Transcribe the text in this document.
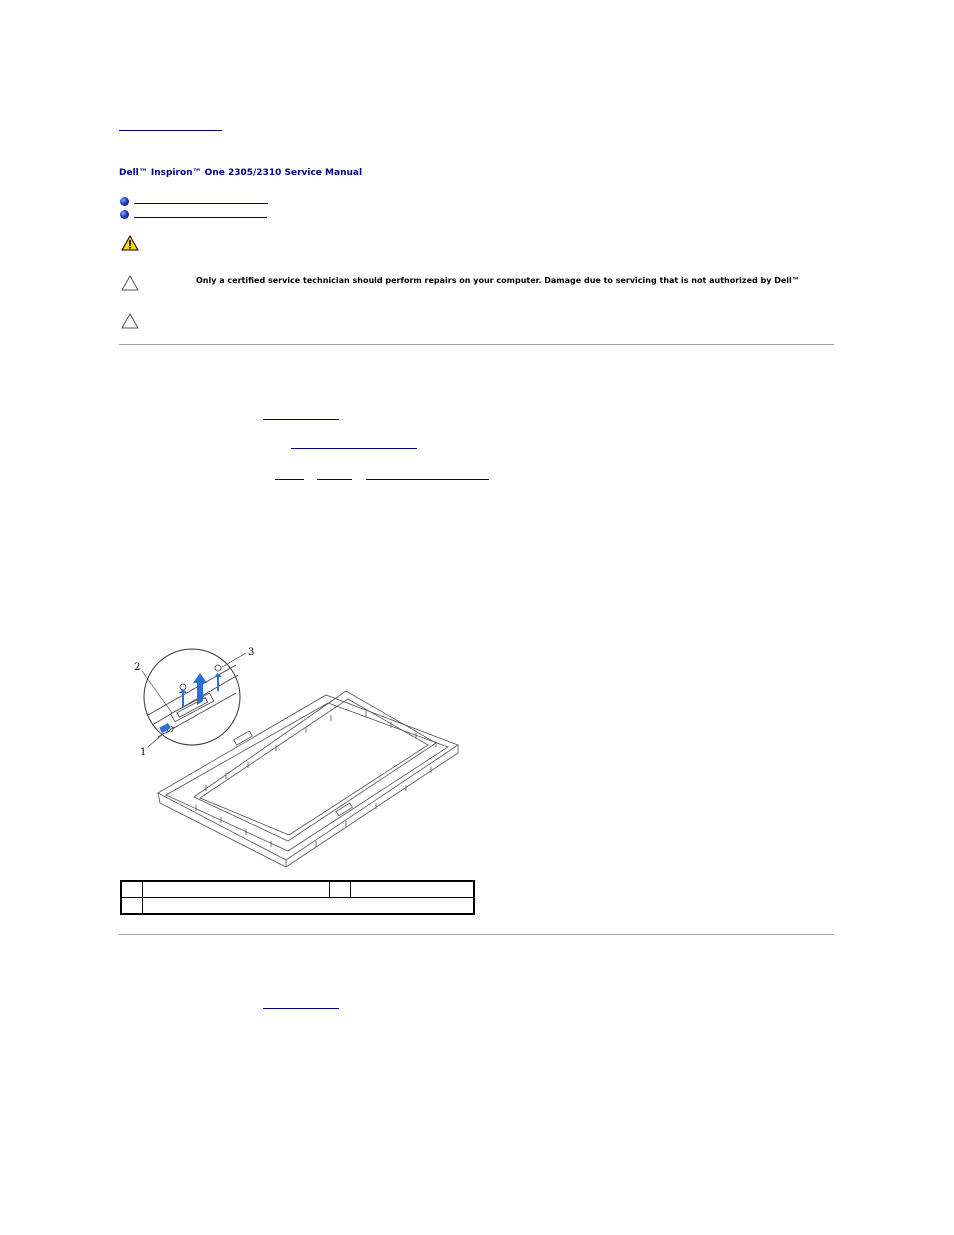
Dell™ Inspiron™ One 2305/2310 Service Manual
Only a certified service technician should perform repairs on your computer. Damage due to servicing that is not authorized by Dell™
1
2
3
